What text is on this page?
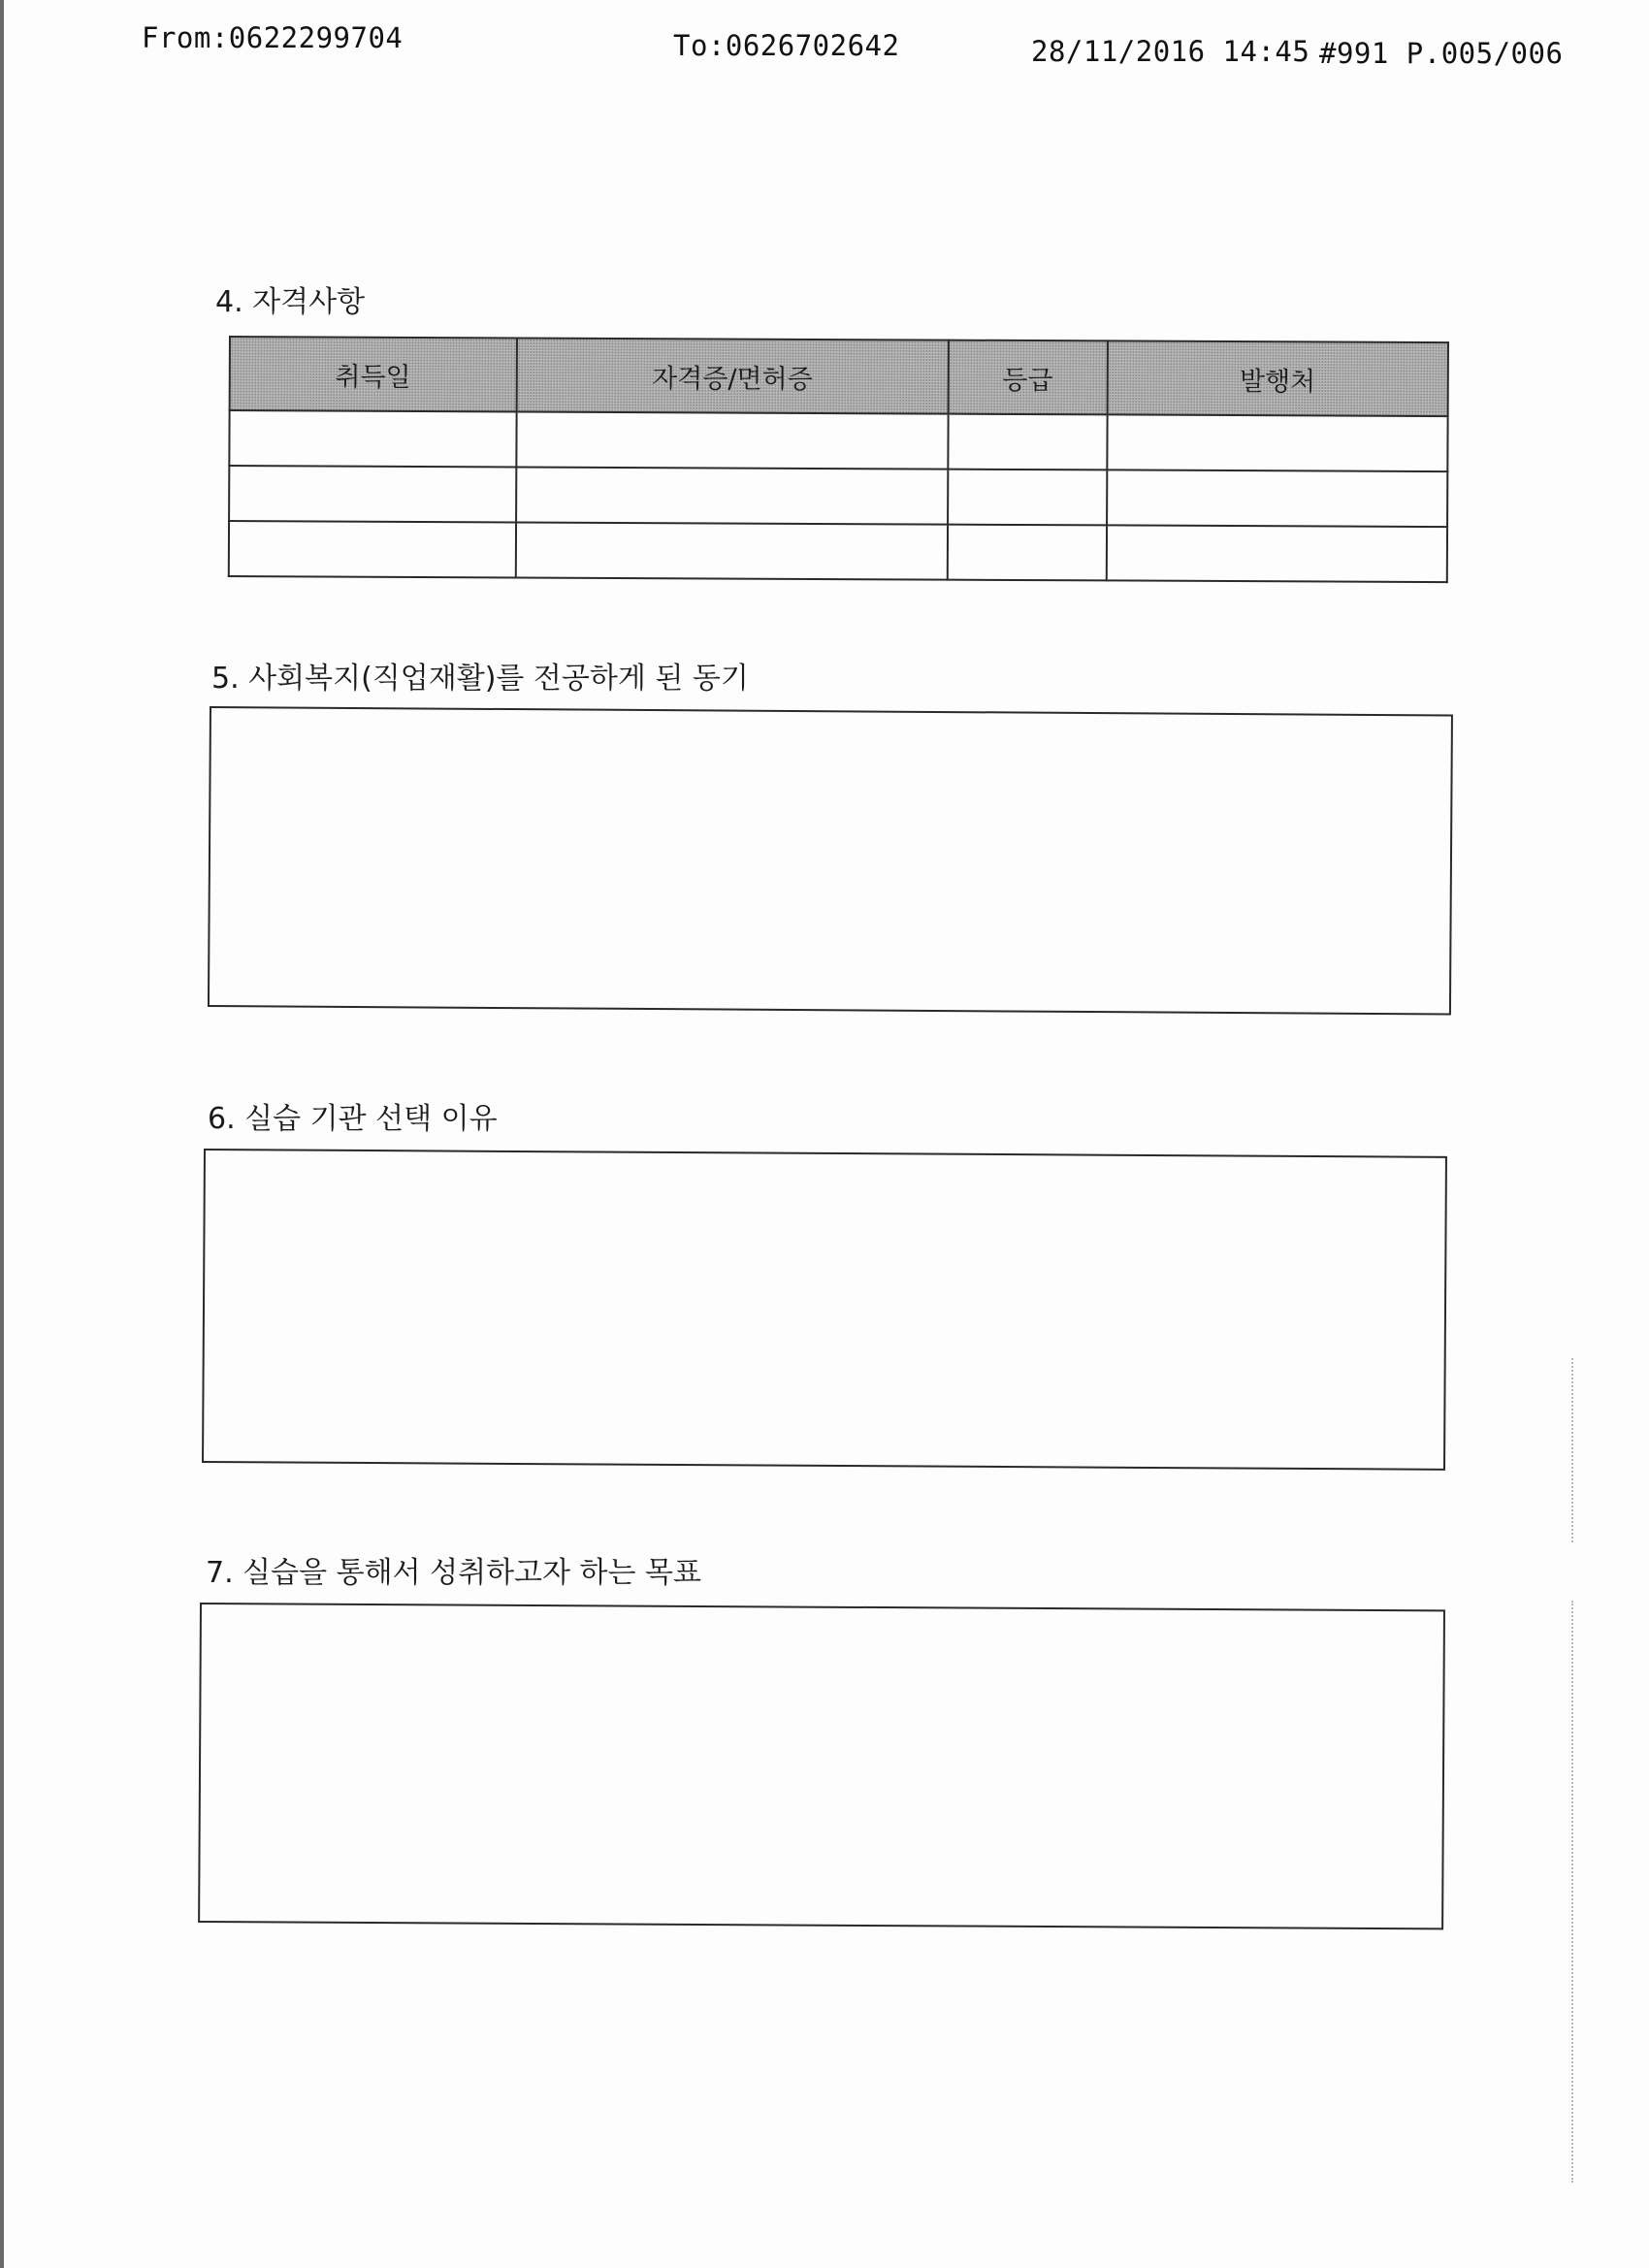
From:0622299704	To:0626702642	28/11/2016 14:45 #991 P.005/006
4. 자격사항
취득일	자격증/면허증	등급	발행처

5. 사회복지(직업재활)를 전공하게 된 동기
6. 실습 기관 선택 이유
7. 실습을 통해서 성취하고자 하는 목표
